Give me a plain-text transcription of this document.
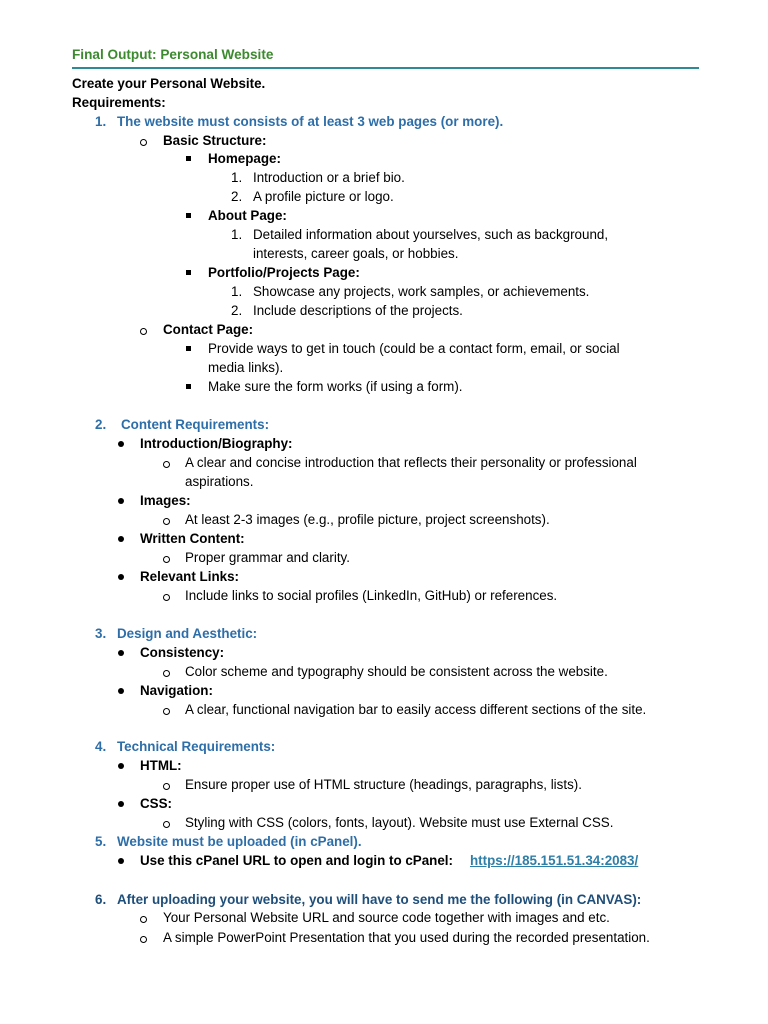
Final Output: Personal Website
Create your Personal Website.
Requirements:
1. The website must consists of at least 3 web pages (or more).
Basic Structure:
Homepage:
1. Introduction or a brief bio.
2. A profile picture or logo.
About Page:
1. Detailed information about yourselves, such as background,
interests, career goals, or hobbies.
Portfolio/Projects Page:
1. Showcase any projects, work samples, or achievements.
2. Include descriptions of the projects.
Contact Page:
Provide ways to get in touch (could be a contact form, email, or social
media links).
Make sure the form works (if using a form).
2. Content Requirements:
Introduction/Biography:
A clear and concise introduction that reflects their personality or professional
aspirations.
Images:
At least 2-3 images (e.g., profile picture, project screenshots).
Written Content:
Proper grammar and clarity.
Relevant Links:
Include links to social profiles (LinkedIn, GitHub) or references.
3. Design and Aesthetic:
Consistency:
Color scheme and typography should be consistent across the website.
Navigation:
A clear, functional navigation bar to easily access different sections of the site.
4. Technical Requirements:
HTML:
Ensure proper use of HTML structure (headings, paragraphs, lists).
CSS:
Styling with CSS (colors, fonts, layout). Website must use External CSS.
5. Website must be uploaded (in cPanel).
Use this cPanel URL to open and login to cPanel: https://185.151.51.34:2083/
6. After uploading your website, you will have to send me the following (in CANVAS):
Your Personal Website URL and source code together with images and etc.
A simple PowerPoint Presentation that you used during the recorded presentation.
